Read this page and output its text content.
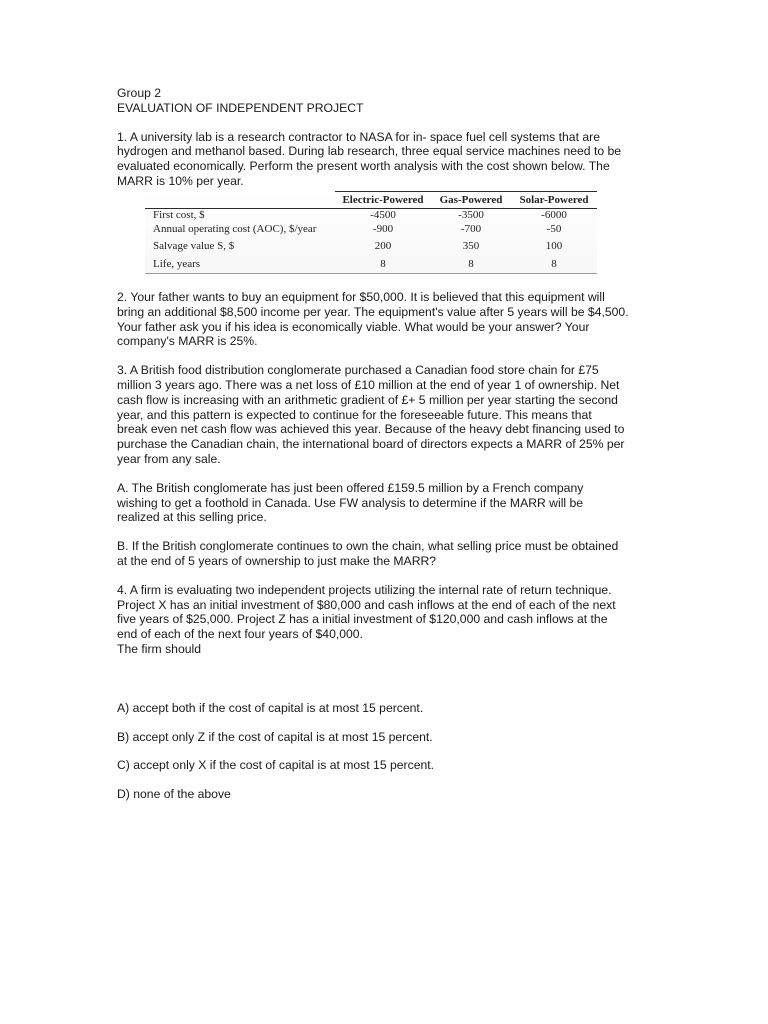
Group 2
EVALUATION OF INDEPENDENT PROJECT
1. A university lab is a research contractor to NASA for in- space fuel cell systems that are
hydrogen and methanol based. During lab research, three equal service machines need to be
evaluated economically. Perform the present worth analysis with the cost shown below. The
MARR is 10% per year.
	Electric-Powered	Gas-Powered	Solar-Powered
First cost, $	-4500	-3500	-6000
Annual operating cost (AOC), $/year	-900	-700	-50
Salvage value S, $	200	350	100
Life, years	8	8	8
2. Your father wants to buy an equipment for $50,000. It is believed that this equipment will
bring an additional $8,500 income per year. The equipment's value after 5 years will be $4,500.
Your father ask you if his idea is economically viable. What would be your answer? Your
company's MARR is 25%.
3. A British food distribution conglomerate purchased a Canadian food store chain for £75
million 3 years ago. There was a net loss of £10 million at the end of year 1 of ownership. Net
cash flow is increasing with an arithmetic gradient of £+ 5 million per year starting the second
year, and this pattern is expected to continue for the foreseeable future. This means that
break even net cash flow was achieved this year. Because of the heavy debt financing used to
purchase the Canadian chain, the international board of directors expects a MARR of 25% per
year from any sale.
A. The British conglomerate has just been offered £159.5 million by a French company
wishing to get a foothold in Canada. Use FW analysis to determine if the MARR will be
realized at this selling price.
B. If the British conglomerate continues to own the chain, what selling price must be obtained
at the end of 5 years of ownership to just make the MARR?
4. A firm is evaluating two independent projects utilizing the internal rate of return technique.
Project X has an initial investment of $80,000 and cash inflows at the end of each of the next
five years of $25,000. Project Z has a initial investment of $120,000 and cash inflows at the
end of each of the next four years of $40,000.
The firm should
A) accept both if the cost of capital is at most 15 percent.
B) accept only Z if the cost of capital is at most 15 percent.
C) accept only X if the cost of capital is at most 15 percent.
D) none of the above
